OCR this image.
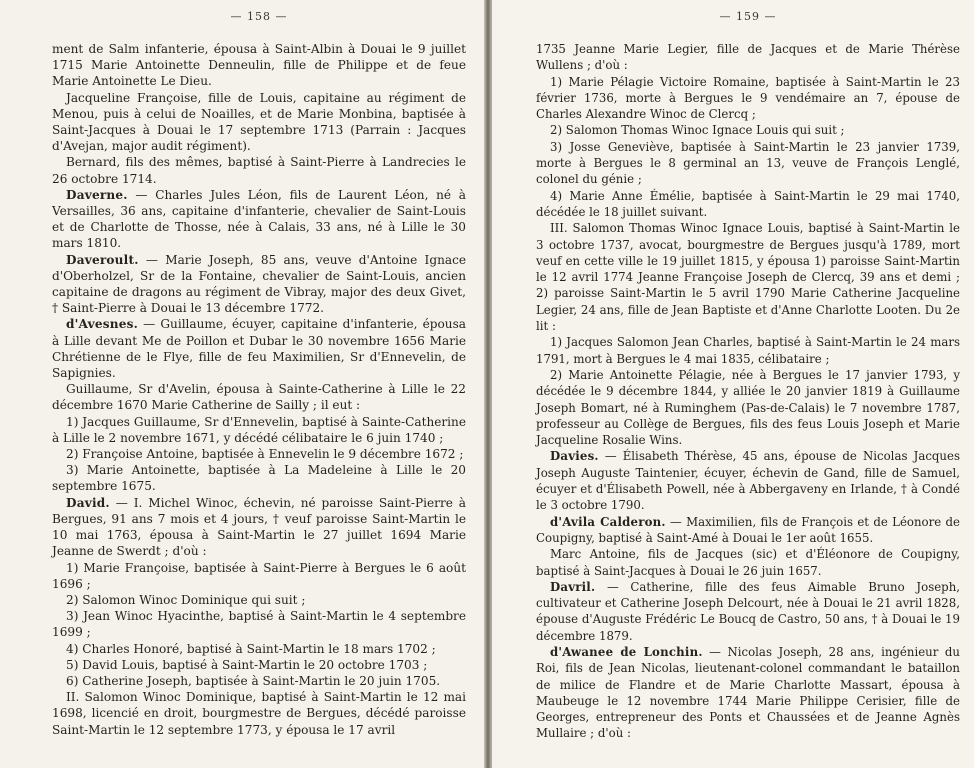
— 158 —

ment de Salm infanterie, épousa à Saint-Albin à Douai le 9 juillet 1715 Marie Antoinette Denneulin, fille de Philippe et de feue Marie Antoinette Le Dieu.

Jacqueline Françoise, fille de Louis, capitaine au régiment de Menou, puis à celui de Noailles, et de Marie Monbina, baptisée à Saint-Jacques à Douai le 17 septembre 1713 (Parrain : Jacques d'Avejan, major audit régiment).

Bernard, fils des mêmes, baptisé à Saint-Pierre à Landrecies le 26 octobre 1714.

Daverne. — Charles Jules Léon, fils de Laurent Léon, né à Versailles, 36 ans, capitaine d'infanterie, chevalier de Saint-Louis et de Charlotte de Thosse, née à Calais, 33 ans, né à Lille le 30 mars 1810.

Daveroult. — Marie Joseph, 85 ans, veuve d'Antoine Ignace d'Oberholzel, Sr de la Fontaine, chevalier de Saint-Louis, ancien capitaine de dragons au régiment de Vibray, major des deux Givet, † Saint-Pierre à Douai le 13 décembre 1772.

d'Avesnes. — Guillaume, écuyer, capitaine d'infanterie, épousa à Lille devant Me de Poillon et Dubar le 30 novembre 1656 Marie Chrétienne de le Flye, fille de feu Maximilien, Sr d'Ennevelin, de Sapignies.

Guillaume, Sr d'Avelin, épousa à Sainte-Catherine à Lille le 22 décembre 1670 Marie Catherine de Sailly ; il eut :

1) Jacques Guillaume, Sr d'Ennevelin, baptisé à Sainte-Catherine à Lille le 2 novembre 1671, y décédé célibataire le 6 juin 1740 ;

2) Françoise Antoine, baptisée à Ennevelin le 9 décembre 1672 ;

3) Marie Antoinette, baptisée à La Madeleine à Lille le 20 septembre 1675.

David. — I. Michel Winoc, échevin, né paroisse Saint-Pierre à Bergues, 91 ans 7 mois et 4 jours, † veuf paroisse Saint-Martin le 10 mai 1763, épousa à Saint-Martin le 27 juillet 1694 Marie Jeanne de Swerdt ; d'où :

1) Marie Françoise, baptisée à Saint-Pierre à Bergues le 6 août 1696 ;

2) Salomon Winoc Dominique qui suit ;

3) Jean Winoc Hyacinthe, baptisé à Saint-Martin le 4 septembre 1699 ;

4) Charles Honoré, baptisé à Saint-Martin le 18 mars 1702 ;

5) David Louis, baptisé à Saint-Martin le 20 octobre 1703 ;

6) Catherine Joseph, baptisée à Saint-Martin le 20 juin 1705.

II. Salomon Winoc Dominique, baptisé à Saint-Martin le 12 mai 1698, licencié en droit, bourgmestre de Bergues, décédé paroisse Saint-Martin le 12 septembre 1773, y épousa le 17 avril

— 159 —

1735 Jeanne Marie Legier, fille de Jacques et de Marie Thérèse Wullens ; d'où :

1) Marie Pélagie Victoire Romaine, baptisée à Saint-Martin le 23 février 1736, morte à Bergues le 9 vendémaire an 7, épouse de Charles Alexandre Winoc de Clercq ;

2) Salomon Thomas Winoc Ignace Louis qui suit ;

3) Josse Geneviève, baptisée à Saint-Martin le 23 janvier 1739, morte à Bergues le 8 germinal an 13, veuve de François Lenglé, colonel du génie ;

4) Marie Anne Émélie, baptisée à Saint-Martin le 29 mai 1740, décédée le 18 juillet suivant.

III. Salomon Thomas Winoc Ignace Louis, baptisé à Saint-Martin le 3 octobre 1737, avocat, bourgmestre de Bergues jusqu'à 1789, mort veuf en cette ville le 19 juillet 1815, y épousa 1) paroisse Saint-Martin le 12 avril 1774 Jeanne Françoise Joseph de Clercq, 39 ans et demi ; 2) paroisse Saint-Martin le 5 avril 1790 Marie Catherine Jacqueline Legier, 24 ans, fille de Jean Baptiste et d'Anne Charlotte Looten. Du 2e lit :

1) Jacques Salomon Jean Charles, baptisé à Saint-Martin le 24 mars 1791, mort à Bergues le 4 mai 1835, célibataire ;

2) Marie Antoinette Pélagie, née à Bergues le 17 janvier 1793, y décédée le 9 décembre 1844, y alliée le 20 janvier 1819 à Guillaume Joseph Bomart, né à Ruminghem (Pas-de-Calais) le 7 novembre 1787, professeur au Collège de Bergues, fils des feus Louis Joseph et Marie Jacqueline Rosalie Wins.

Davies. — Élisabeth Thérèse, 45 ans, épouse de Nicolas Jacques Joseph Auguste Taintenier, écuyer, échevin de Gand, fille de Samuel, écuyer et d'Élisabeth Powell, née à Abbergaveny en Irlande, † à Condé le 3 octobre 1790.

d'Avila Calderon. — Maximilien, fils de François et de Léonore de Coupigny, baptisé à Saint-Amé à Douai le 1er août 1655.

Marc Antoine, fils de Jacques (sic) et d'Éléonore de Coupigny, baptisé à Saint-Jacques à Douai le 26 juin 1657.

Davril. — Catherine, fille des feus Aimable Bruno Joseph, cultivateur et Catherine Joseph Delcourt, née à Douai le 21 avril 1828, épouse d'Auguste Frédéric Le Boucq de Castro, 50 ans, † à Douai le 19 décembre 1879.

d'Awanee de Lonchin. — Nicolas Joseph, 28 ans, ingénieur du Roi, fils de Jean Nicolas, lieutenant-colonel commandant le bataillon de milice de Flandre et de Marie Charlotte Massart, épousa à Maubeuge le 12 novembre 1744 Marie Philippe Cerisier, fille de Georges, entrepreneur des Ponts et Chaussées et de Jeanne Agnès Mullaire ; d'où :
